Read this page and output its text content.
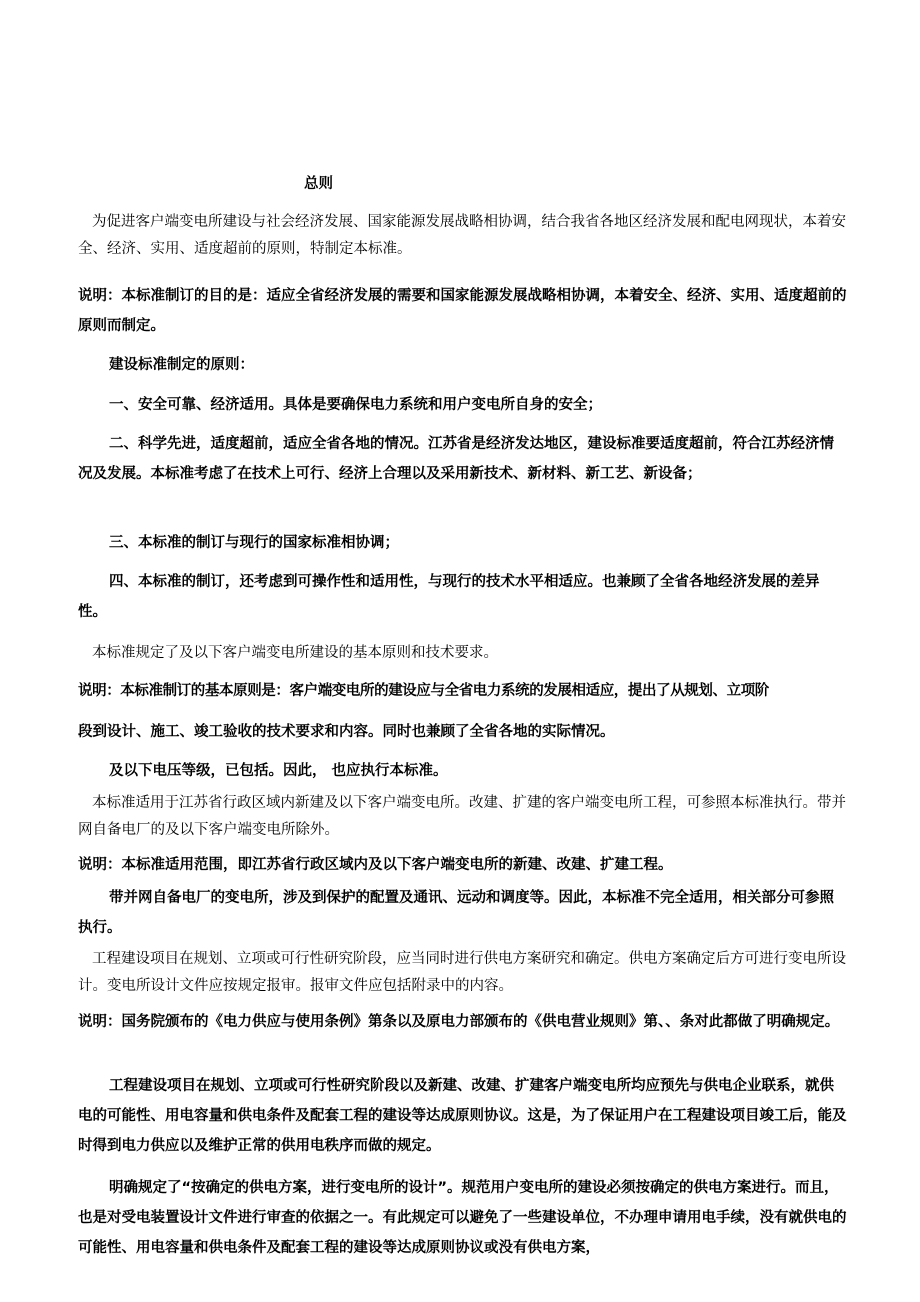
总则

为促进客户端变电所建设与社会经济发展、国家能源发展战略相协调，结合我省各地区经济发展和配电网现状，本着安全、经济、实用、适度超前的原则，特制定本标准。

说明：本标准制订的目的是：适应全省经济发展的需要和国家能源发展战略相协调，本着安全、经济、实用、适度超前的原则而制定。

建设标准制定的原则：

一、安全可靠、经济适用。具体是要确保电力系统和用户变电所自身的安全；

二、科学先进，适度超前，适应全省各地的情况。江苏省是经济发达地区，建设标准要适度超前，符合江苏经济情况及发展。本标准考虑了在技术上可行、经济上合理以及采用新技术、新材料、新工艺、新设备；

三、本标准的制订与现行的国家标准相协调；

四、本标准的制订，还考虑到可操作性和适用性，与现行的技术水平相适应。也兼顾了全省各地经济发展的差异性。

本标准规定了及以下客户端变电所建设的基本原则和技术要求。

说明：本标准制订的基本原则是：客户端变电所的建设应与全省电力系统的发展相适应，提出了从规划、立项阶

段到设计、施工、竣工验收的技术要求和内容。同时也兼顾了全省各地的实际情况。

及以下电压等级，已包括。因此， 也应执行本标准。

本标准适用于江苏省行政区域内新建及以下客户端变电所。改建、扩建的客户端变电所工程，可参照本标准执行。带并网自备电厂的及以下客户端变电所除外。

说明：本标准适用范围，即江苏省行政区域内及以下客户端变电所的新建、改建、扩建工程。

带并网自备电厂的变电所，涉及到保护的配置及通讯、远动和调度等。因此，本标准不完全适用，相关部分可参照执行。

工程建设项目在规划、立项或可行性研究阶段，应当同时进行供电方案研究和确定。供电方案确定后方可进行变电所设计。变电所设计文件应按规定报审。报审文件应包括附录中的内容。

说明：国务院颁布的《电力供应与使用条例》第条以及原电力部颁布的《供电营业规则》第、、条对此都做了明确规定。

工程建设项目在规划、立项或可行性研究阶段以及新建、改建、扩建客户端变电所均应预先与供电企业联系，就供电的可能性、用电容量和供电条件及配套工程的建设等达成原则协议。这是，为了保证用户在工程建设项目竣工后，能及时得到电力供应以及维护正常的供用电秩序而做的规定。

明确规定了“按确定的供电方案，进行变电所的设计”。规范用户变电所的建设必须按确定的供电方案进行。而且，也是对受电装置设计文件进行审查的依据之一。有此规定可以避免了一些建设单位，不办理申请用电手续，没有就供电的可能性、用电容量和供电条件及配套工程的建设等达成原则协议或没有供电方案，
